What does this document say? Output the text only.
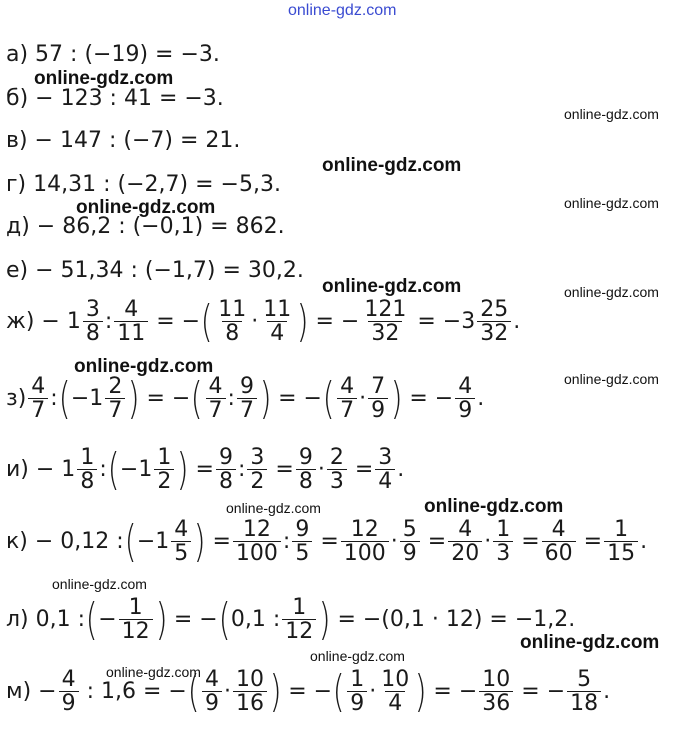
online-gdz.com
а) 57 : (−19) = −3.
б) − 123 : 41 = −3.
в) − 147 : (−7) = 21.
г) 14,31 : (−2,7) = −5,3.
д) − 86,2 : (−0,1) = 862.
е) − 51,34 : (−1,7) = 30,2.
ж) − 1 3
8 : 4
11 = − ( 11
8 · 11
4 ) = − $\frac{121}{32} = -3$ 25
32 .
з) 4
7 : ( −1 2
7 ) = − ( 4
7 : 9
7 ) = − ( 4
7 · 7
9 ) = − $\frac{4}{9}$ .
и) − 1 1
8 : ( −1 1
2 ) = $\frac{9}{8}$ : 3
$2 = \frac{9}{8} \cdot 2$
$3 = \frac{3}{4}$ .
к) − 0,12 : ( −1 4
5 ) = $\frac{12}{100}$ : 9
$5 = \frac{12}{100} \cdot 5$
$9 = \frac{4}{20} \cdot 1$
$3 = \frac{4}{60} = \frac{1}{15}$ .
л) 0,1 : ( − $\frac{1}{12}$ ) = − ( 0,1 : 1
12 ) = −(0,1 · 12) = −1,2.
$м) - \frac{4}{9}$ : 1,6 = − ( 4
9 · 10
16 ) = − ( 1
9 · 10
4 ) = − $\frac{10}{36}$ = − $\frac{5}{18}$ .
online-gdz.com
online-gdz.com
online-gdz.com
online-gdz.com
online-gdz.com
online-gdz.com
online-gdz.com
online-gdz.com
online-gdz.com
online-gdz.com
online-gdz.com
online-gdz.com
online-gdz.com
online-gdz.com
online-gdz.com
